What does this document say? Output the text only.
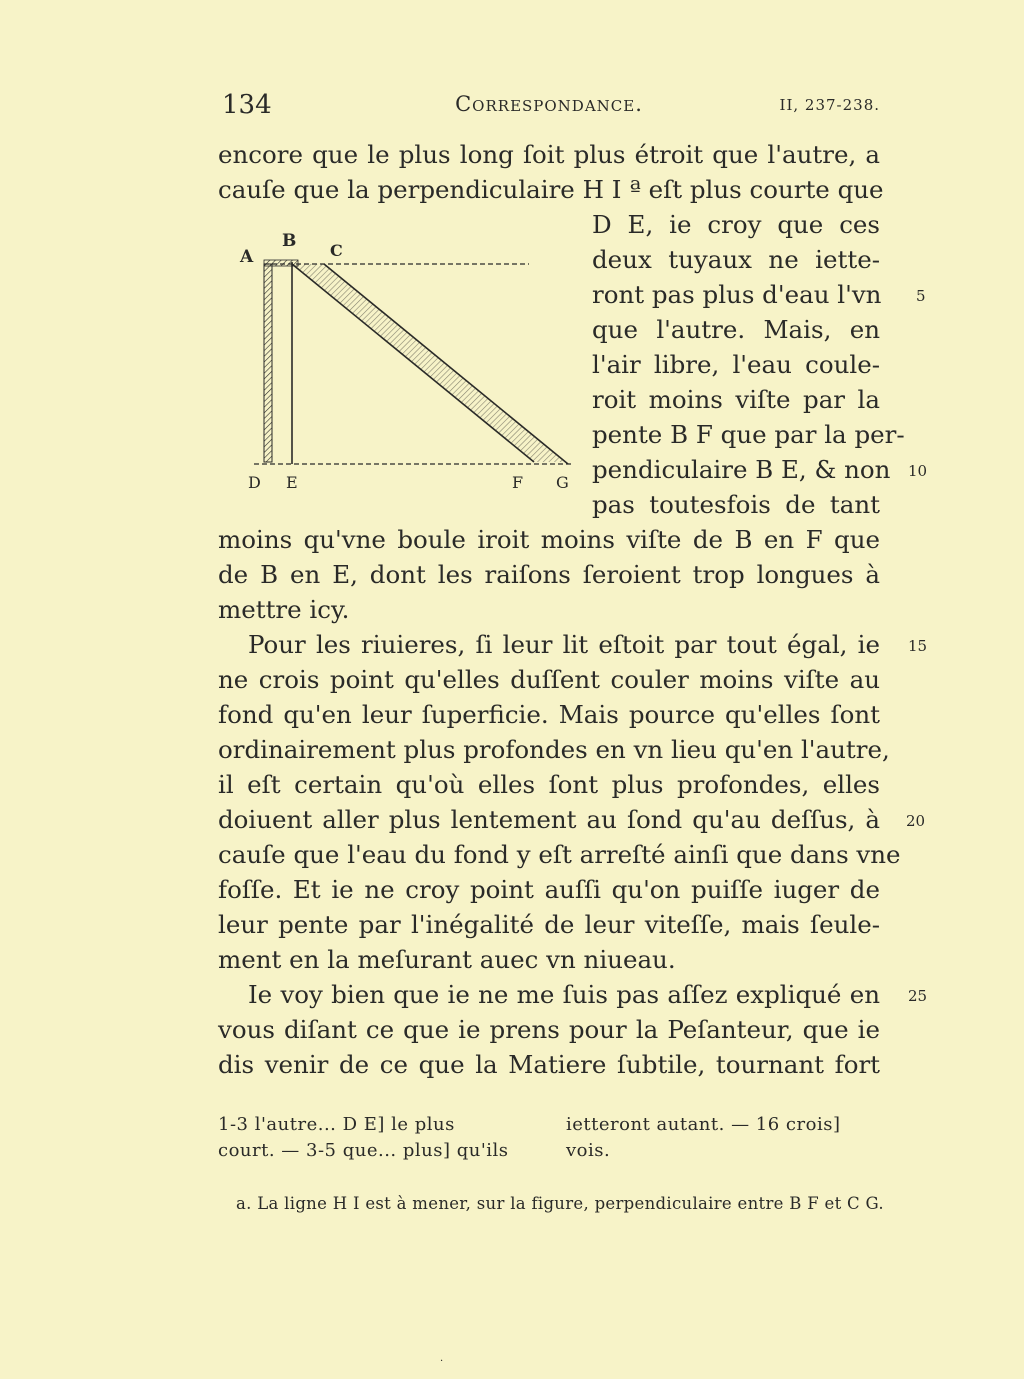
134	Correspondance.	II, 237-238.
encore que le plus long ſoit plus étroit que l'autre, a
cauſe que la perpendiculaire H I ª eſt plus courte que
D E, ie croy que ces
deux tuyaux ne iette-
ront pas plus d'eau l'vn
que l'autre. Mais, en
l'air libre, l'eau coule-
roit moins viſte par la
pente B F que par la per-
pendiculaire B E, & non
pas toutesfois de tant
moins qu'vne boule iroit moins viſte de B en F que
de B en E, dont les raiſons ſeroient trop longues à
mettre icy.
Pour les riuieres, ſi leur lit eſtoit par tout égal, ie
ne crois point qu'elles duſſent couler moins viſte au
fond qu'en leur ſuperficie. Mais pource qu'elles ſont
ordinairement plus profondes en vn lieu qu'en l'autre,
il eſt certain qu'où elles ſont plus profondes, elles
doiuent aller plus lentement au ſond qu'au deſſus, à
cauſe que l'eau du fond y eſt arreſté ainſi que dans vne
foſſe. Et ie ne croy point auſſi qu'on puiſſe iuger de
leur pente par l'inégalité de leur viteſſe, mais ſeule-
ment en la meſurant auec vn niueau.
Ie voy bien que ie ne me ſuis pas aſſez expliqué en
vous diſant ce que ie prens pour la Peſanteur, que ie
dis venir de ce que la Matiere ſubtile, tournant fort
5
10
15
20
25
A
B C
D E	F G
1-3 l'autre... D E] le plus
court. — 3-5 que... plus] qu'ils
ietteront autant. — 16 crois]
vois.
a. La ligne H I est à mener, sur la figure, perpendiculaire entre B F et C G.
·
